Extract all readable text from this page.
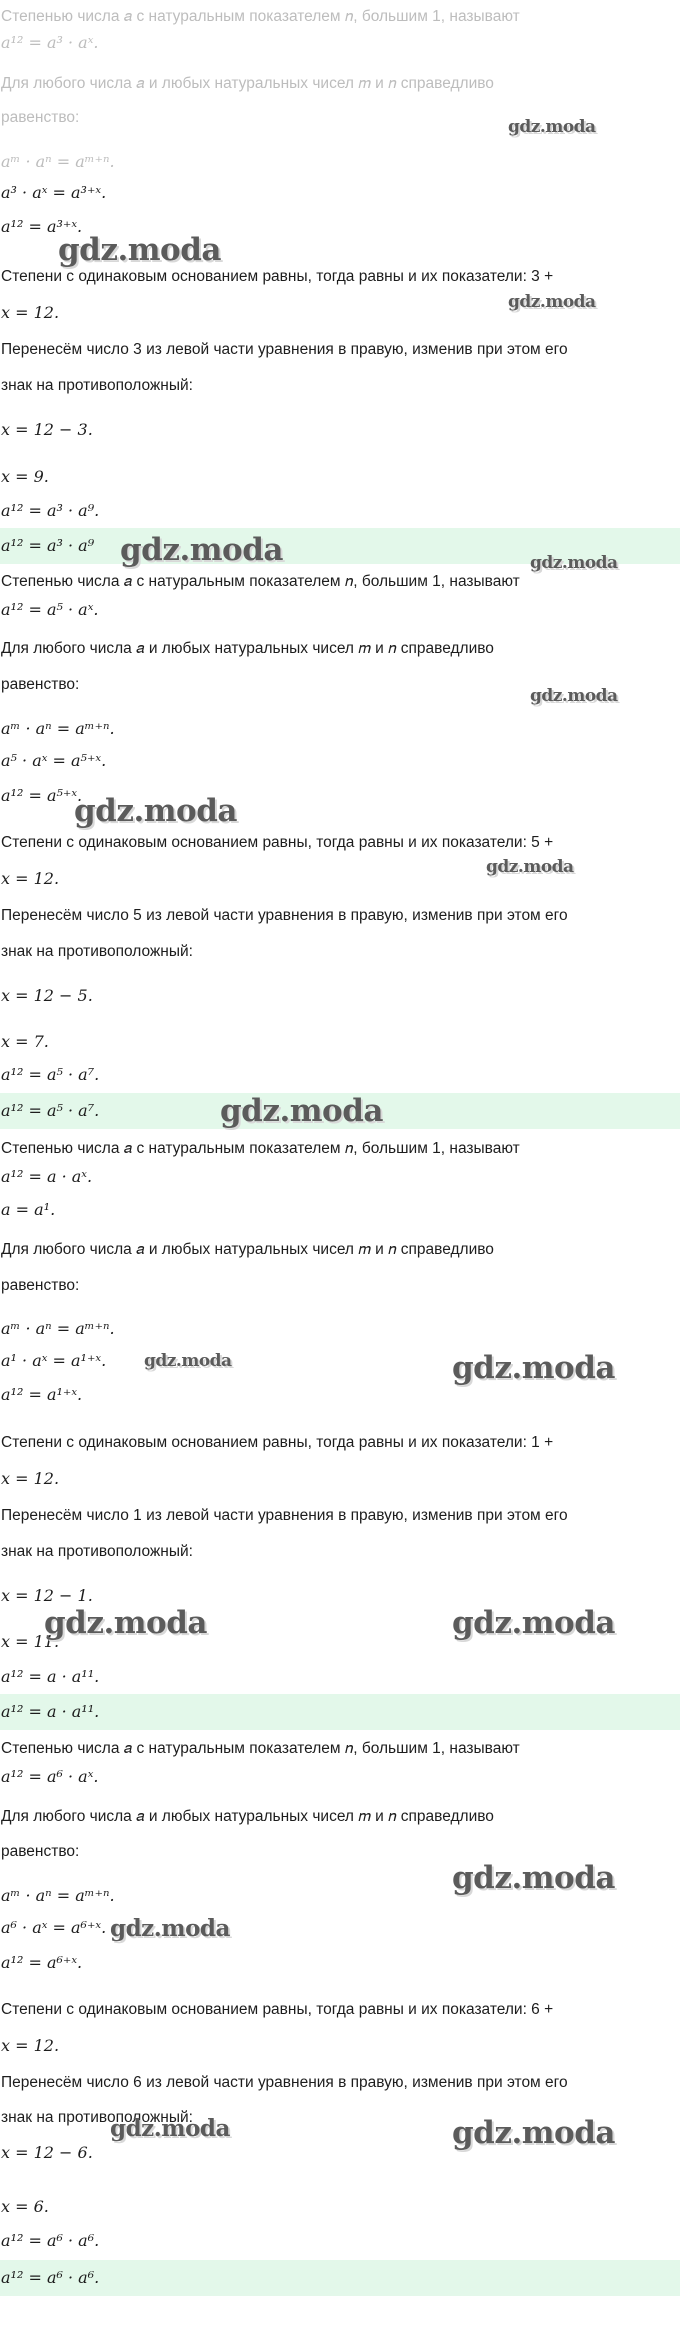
Степенью числа 𝑎 с натуральным показателем 𝑛, большим 1, называют
𝑎¹² = 𝑎³ · 𝑎ˣ.
Для любого числа 𝑎 и любых натуральных чисел 𝑚 и 𝑛 справедливо
равенство:
𝑎ᵐ · 𝑎ⁿ = 𝑎ᵐ⁺ⁿ.
𝑎³ · 𝑎ˣ = 𝑎³⁺ˣ.
𝑎¹² = 𝑎³⁺ˣ.
Степени с одинаковым основанием равны, тогда равны и их показатели: 3 +
𝑥 = 12.
Перенесём число 3 из левой части уравнения в правую, изменив при этом его
знак на противоположный:
𝑥 = 12 − 3.
𝑥 = 9.
𝑎¹² = 𝑎³ · 𝑎⁹.
𝑎¹² = 𝑎³ · 𝑎⁹
Степенью числа 𝑎 с натуральным показателем 𝑛, большим 1, называют
𝑎¹² = 𝑎⁵ · 𝑎ˣ.
Для любого числа 𝑎 и любых натуральных чисел 𝑚 и 𝑛 справедливо
равенство:
𝑎ᵐ · 𝑎ⁿ = 𝑎ᵐ⁺ⁿ.
𝑎⁵ · 𝑎ˣ = 𝑎⁵⁺ˣ.
𝑎¹² = 𝑎⁵⁺ˣ.
Степени с одинаковым основанием равны, тогда равны и их показатели: 5 +
𝑥 = 12.
Перенесём число 5 из левой части уравнения в правую, изменив при этом его
знак на противоположный:
𝑥 = 12 − 5.
𝑥 = 7.
𝑎¹² = 𝑎⁵ · 𝑎⁷.
𝑎¹² = 𝑎⁵ · 𝑎⁷.
Степенью числа 𝑎 с натуральным показателем 𝑛, большим 1, называют
𝑎¹² = 𝑎 · 𝑎ˣ.
𝑎 = 𝑎¹.
Для любого числа 𝑎 и любых натуральных чисел 𝑚 и 𝑛 справедливо
равенство:
𝑎ᵐ · 𝑎ⁿ = 𝑎ᵐ⁺ⁿ.
𝑎¹ · 𝑎ˣ = 𝑎¹⁺ˣ.
𝑎¹² = 𝑎¹⁺ˣ.
Степени с одинаковым основанием равны, тогда равны и их показатели: 1 +
𝑥 = 12.
Перенесём число 1 из левой части уравнения в правую, изменив при этом его
знак на противоположный:
𝑥 = 12 − 1.
𝑥 = 11.
𝑎¹² = 𝑎 · 𝑎¹¹.
𝑎¹² = 𝑎 · 𝑎¹¹.
Степенью числа 𝑎 с натуральным показателем 𝑛, большим 1, называют
𝑎¹² = 𝑎⁶ · 𝑎ˣ.
Для любого числа 𝑎 и любых натуральных чисел 𝑚 и 𝑛 справедливо
равенство:
𝑎ᵐ · 𝑎ⁿ = 𝑎ᵐ⁺ⁿ.
𝑎⁶ · 𝑎ˣ = 𝑎⁶⁺ˣ.
𝑎¹² = 𝑎⁶⁺ˣ.
Степени с одинаковым основанием равны, тогда равны и их показатели: 6 +
𝑥 = 12.
Перенесём число 6 из левой части уравнения в правую, изменив при этом его
знак на противоположный:
𝑥 = 12 − 6.
𝑥 = 6.
𝑎¹² = 𝑎⁶ · 𝑎⁶.
𝑎¹² = 𝑎⁶ · 𝑎⁶.
gdz.moda
gdz.moda
gdz.moda
gdz.moda	gdz.moda
gdz.moda
gdz.moda
gdz.moda
gdz.moda
gdz.moda	gdz.moda
gdz.moda	gdz.moda
gdz.moda
gdz.moda
gdz.moda	gdz.moda
